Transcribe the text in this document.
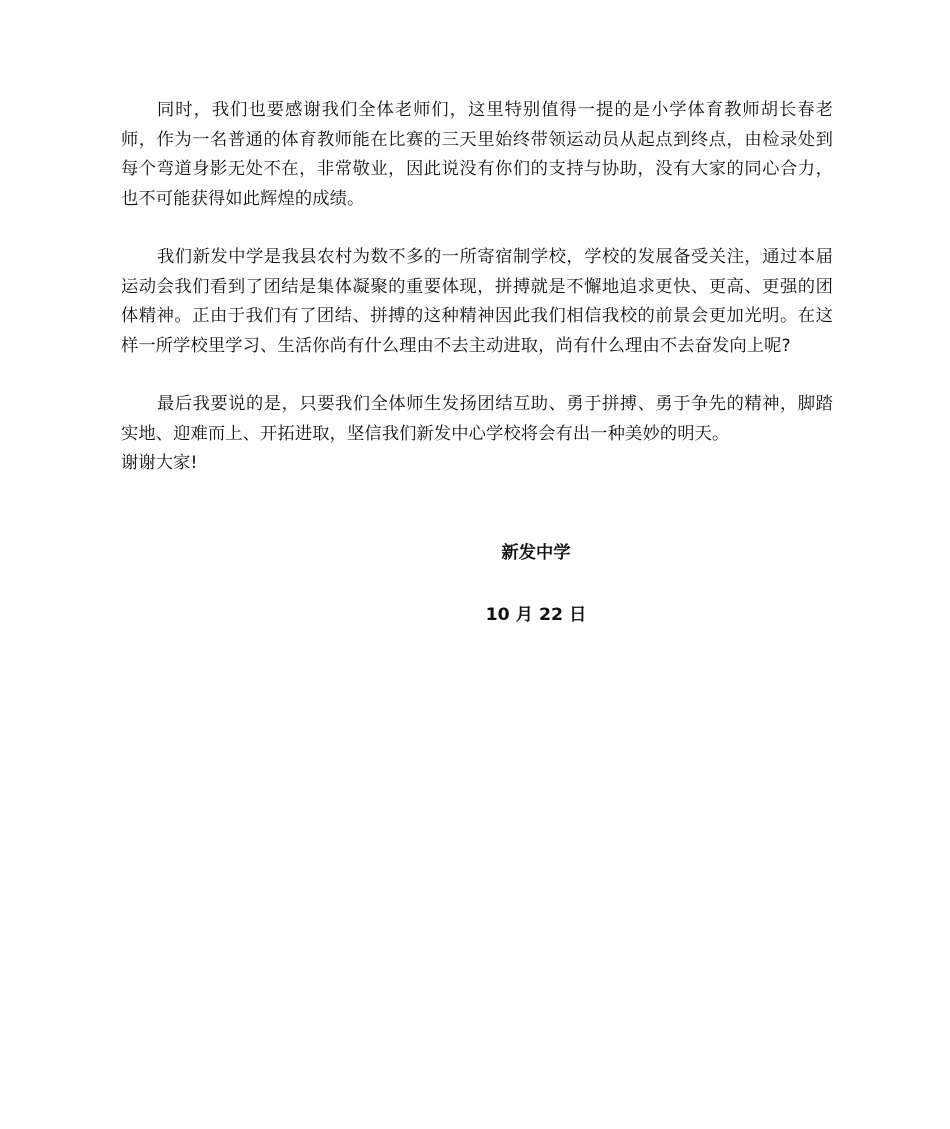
同时，我们也要感谢我们全体老师们，这里特别值得一提的是小学体育教师胡长春老师，作为一名普通的体育教师能在比赛的三天里始终带领运动员从起点到终点，由检录处到每个弯道身影无处不在，非常敬业，因此说没有你们的支持与协助，没有大家的同心合力，也不可能获得如此辉煌的成绩。

我们新发中学是我县农村为数不多的一所寄宿制学校，学校的发展备受关注，通过本届运动会我们看到了团结是集体凝聚的重要体现，拼搏就是不懈地追求更快、更高、更强的团体精神。正由于我们有了团结、拼搏的这种精神因此我们相信我校的前景会更加光明。在这样一所学校里学习、生活你尚有什么理由不去主动进取，尚有什么理由不去奋发向上呢?

最后我要说的是，只要我们全体师生发扬团结互助、勇于拼搏、勇于争先的精神，脚踏实地、迎难而上、开拓进取，坚信我们新发中心学校将会有出一种美妙的明天。

谢谢大家!

新发中学
10 月 22 日
